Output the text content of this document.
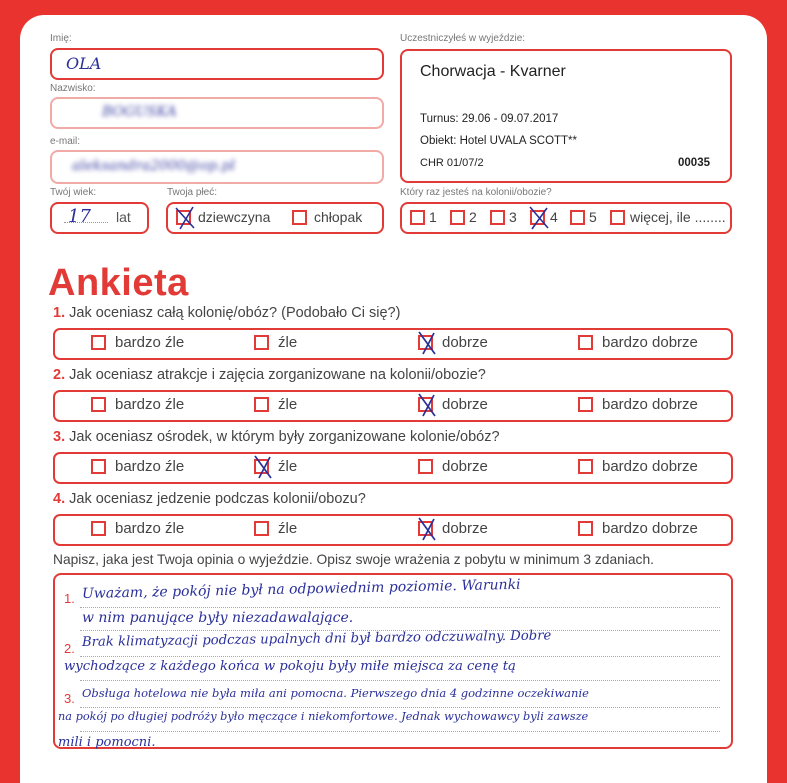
Imię:
OLA
Nazwisko:
BOGUSKA
e-mail:
aleksandra2000@op.pl
Twój wiek:
17 lat
Twoja płeć:
dziewczyna	chłopak
Uczestniczyłeś w wyjeździe:
Chorwacja - Kvarner
Turnus: 29.06 - 09.07.2017
Obiekt: Hotel UVALA SCOTT**
CHR 01/07/2	00035
Który raz jesteś na kolonii/obozie?
1 2 3 4 5 więcej, ile ........
Ankieta
1. Jak oceniasz całą kolonię/obóz? (Podobało Ci się?)
bardzo źle	źle	dobrze	bardzo dobrze
2. Jak oceniasz atrakcje i zajęcia zorganizowane na kolonii/obozie?
bardzo źle	źle	dobrze	bardzo dobrze
3. Jak oceniasz ośrodek, w którym były zorganizowane kolonie/obóz?
bardzo źle	źle	dobrze	bardzo dobrze
4. Jak oceniasz jedzenie podczas kolonii/obozu?
bardzo źle	źle	dobrze	bardzo dobrze
Napisz, jaka jest Twoja opinia o wyjeździe. Opisz swoje wrażenia z pobytu w minimum 3 zdaniach.
1.
2.
3.
Uważam, że pokój nie był na odpowiednim poziomie. Warunki
w nim panujące były niezadawalające.
Brak klimatyzacji podczas upalnych dni był bardzo odczuwalny. Dobre
wychodzące z każdego końca w pokoju były miłe miejsca za cenę tą
Obsługa hotelowa nie była miła ani pomocna. Pierwszego dnia 4 godzinne oczekiwanie
na pokój po długiej podróży było męczące i niekomfortowe. Jednak wychowawcy byli zawsze
mili i pomocni.
